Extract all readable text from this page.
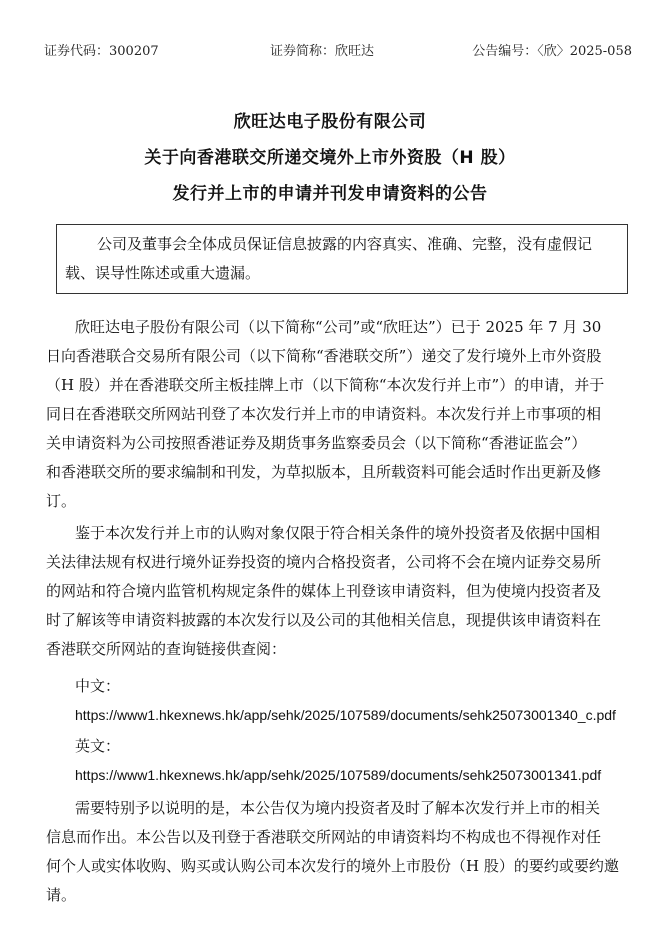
证券代码：300207	证券简称：欣旺达	公告编号：〈欣〉2025-058
欣旺达电子股份有限公司
关于向香港联交所递交境外上市外资股（H 股）
发行并上市的申请并刊发申请资料的公告
公司及董事会全体成员保证信息披露的内容真实、准确、完整，没有虚假记
载、误导性陈述或重大遗漏。
欣旺达电子股份有限公司（以下简称“公司”或“欣旺达”）已于 2025 年 7 月 30
日向香港联合交易所有限公司（以下简称“香港联交所”）递交了发行境外上市外资股
（H 股）并在香港联交所主板挂牌上市（以下简称“本次发行并上市”）的申请，并于
同日在香港联交所网站刊登了本次发行并上市的申请资料。本次发行并上市事项的相
关申请资料为公司按照香港证券及期货事务监察委员会（以下简称“香港证监会”）
和香港联交所的要求编制和刊发，为草拟版本，且所载资料可能会适时作出更新及修
订。
鉴于本次发行并上市的认购对象仅限于符合相关条件的境外投资者及依据中国相
关法律法规有权进行境外证券投资的境内合格投资者，公司将不会在境内证券交易所
的网站和符合境内监管机构规定条件的媒体上刊登该申请资料，但为使境内投资者及
时了解该等申请资料披露的本次发行以及公司的其他相关信息，现提供该申请资料在
香港联交所网站的查询链接供查阅：
中文：
https://www1.hkexnews.hk/app/sehk/2025/107589/documents/sehk25073001340_c.pdf
英文：
https://www1.hkexnews.hk/app/sehk/2025/107589/documents/sehk25073001341.pdf
需要特别予以说明的是，本公告仅为境内投资者及时了解本次发行并上市的相关
信息而作出。本公告以及刊登于香港联交所网站的申请资料均不构成也不得视作对任
何个人或实体收购、购买或认购公司本次发行的境外上市股份（H 股）的要约或要约邀
请。
